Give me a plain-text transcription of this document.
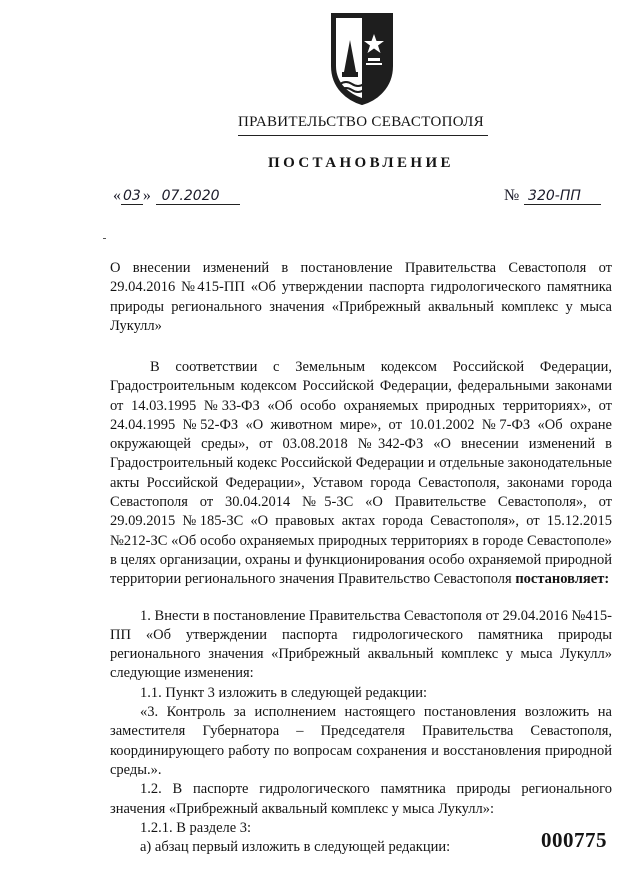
ПРАВИТЕЛЬСТВО СЕВАСТОПОЛЯ
ПОСТАНОВЛЕНИЕ
« 03 » 07.2020	№ 320-ПП
О внесении изменений в постановление Правительства Севастополя от 29.04.2016 №415-ПП «Об утверждении паспорта гидрологического памятника природы регионального значения «Прибрежный аквальный комплекс у мыса Лукулл»

В соответствии с Земельным кодексом Российской Федерации, Градостроительным кодексом Российской Федерации, федеральными законами от 14.03.1995 №33-ФЗ «Об особо охраняемых природных территориях», от 24.04.1995 №52-ФЗ «О животном мире», от 10.01.2002 №7-ФЗ «Об охране окружающей среды», от 03.08.2018 №342-ФЗ «О внесении изменений в Градостроительный кодекс Российской Федерации и отдельные законодательные акты Российской Федерации», Уставом города Севастополя, законами города Севастополя от 30.04.2014 №5-ЗС «О Правительстве Севастополя», от 29.09.2015 №185-ЗС «О правовых актах города Севастополя», от 15.12.2015 №212-ЗС «Об особо охраняемых природных территориях в городе Севастополе» в целях организации, охраны и функционирования особо охраняемой природной территории регионального значения Правительство Севастополя постановляет:

1. Внести в постановление Правительства Севастополя от 29.04.2016 №415-ПП «Об утверждении паспорта гидрологического памятника природы регионального значения «Прибрежный аквальный комплекс у мыса Лукулл» следующие изменения:

1.1. Пункт 3 изложить в следующей редакции:

«3. Контроль за исполнением настоящего постановления возложить на заместителя Губернатора – Председателя Правительства Севастополя, координирующего работу по вопросам сохранения и восстановления природной среды.».

1.2. В паспорте гидрологического памятника природы регионального значения «Прибрежный аквальный комплекс у мыса Лукулл»:

1.2.1. В разделе 3:

а) абзац первый изложить в следующей редакции:	000775
